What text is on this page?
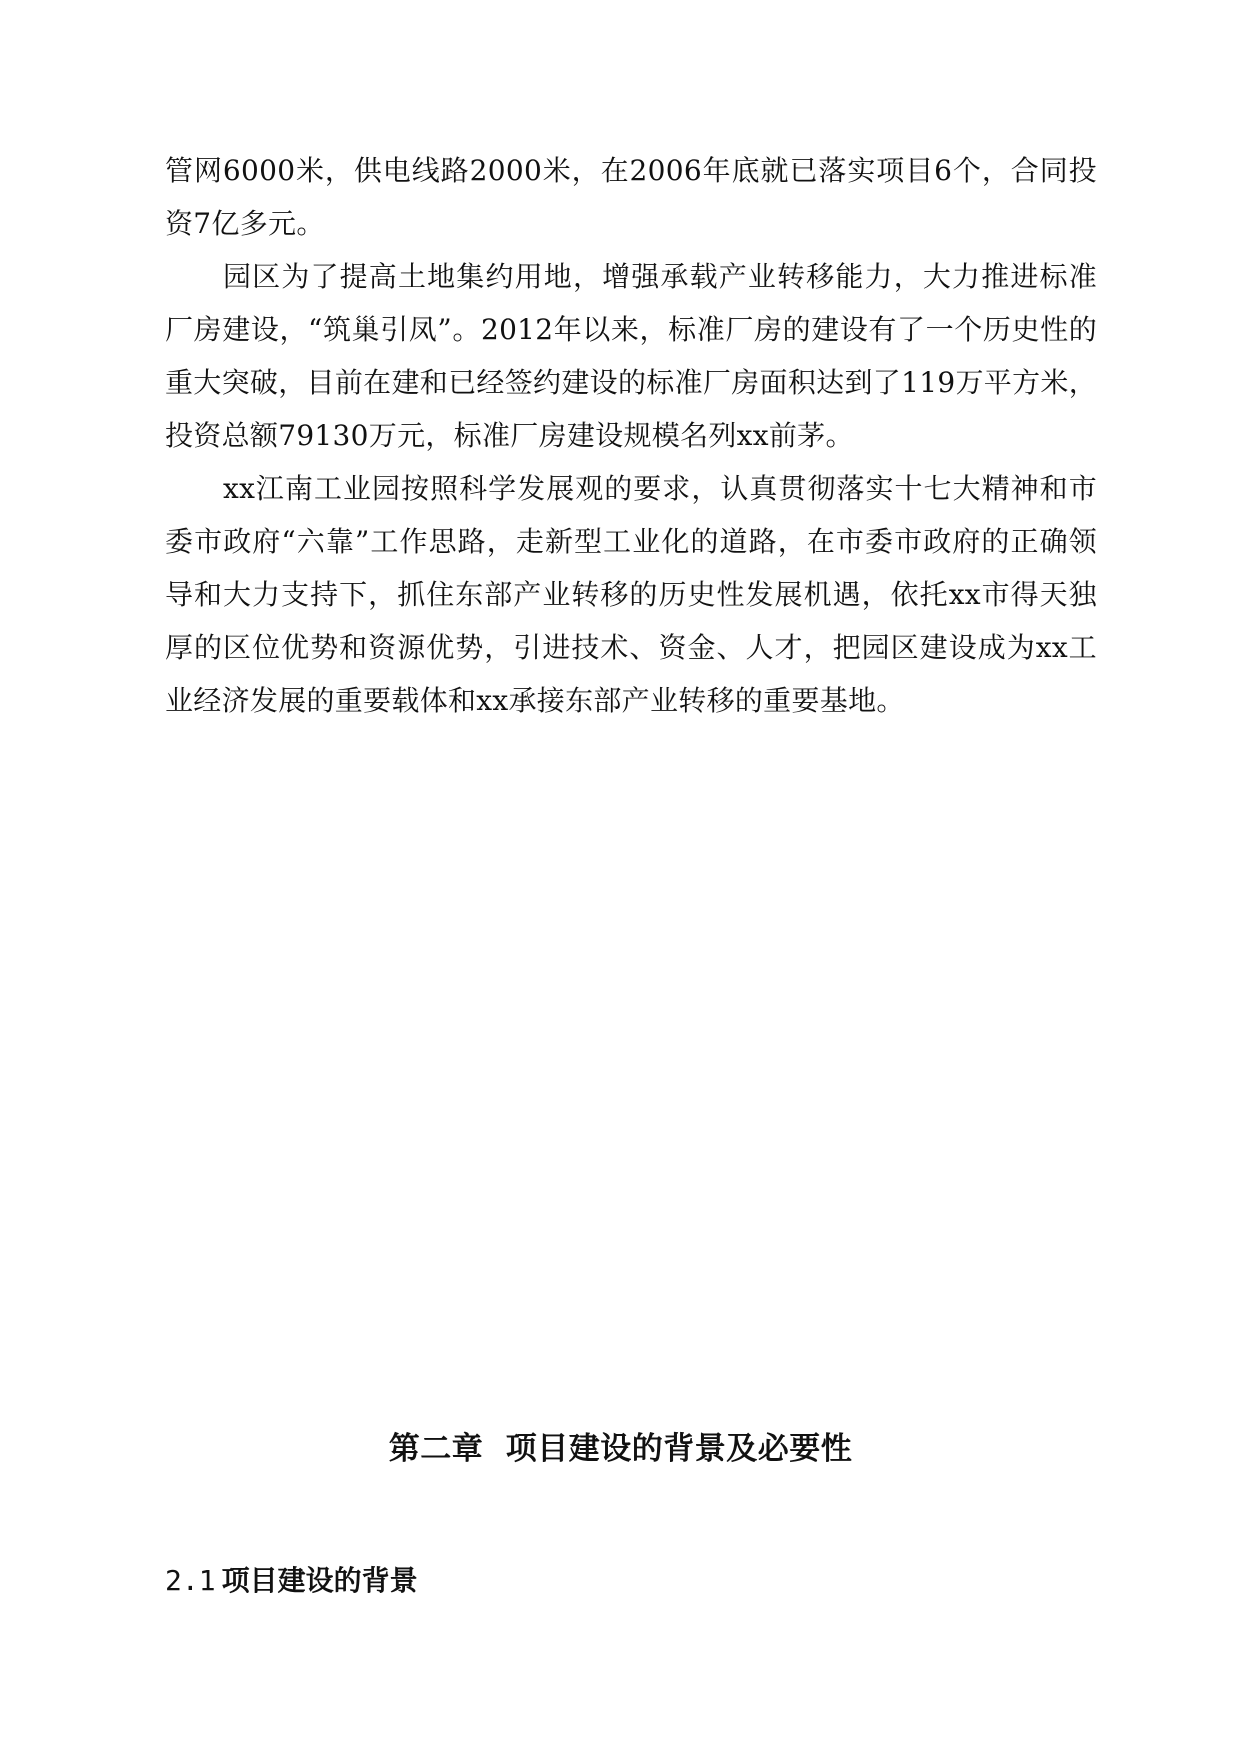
管网6000米，供电线路2000米，在2006年底就已落实项目6个，合同投资7亿多元。

园区为了提高土地集约用地，增强承载产业转移能力，大力推进标准厂房建设，“筑巢引凤”。2012年以来，标准厂房的建设有了一个历史性的重大突破，目前在建和已经签约建设的标准厂房面积达到了119万平方米，投资总额79130万元，标准厂房建设规模名列xx前茅。

xx江南工业园按照科学发展观的要求，认真贯彻落实十七大精神和市委市政府“六靠”工作思路，走新型工业化的道路，在市委市政府的正确领导和大力支持下，抓住东部产业转移的历史性发展机遇，依托xx市得天独厚的区位优势和资源优势，引进技术、资金、人才，把园区建设成为xx工业经济发展的重要载体和xx承接东部产业转移的重要基地。

第二章  项目建设的背景及必要性
2.1 项目建设的背景
